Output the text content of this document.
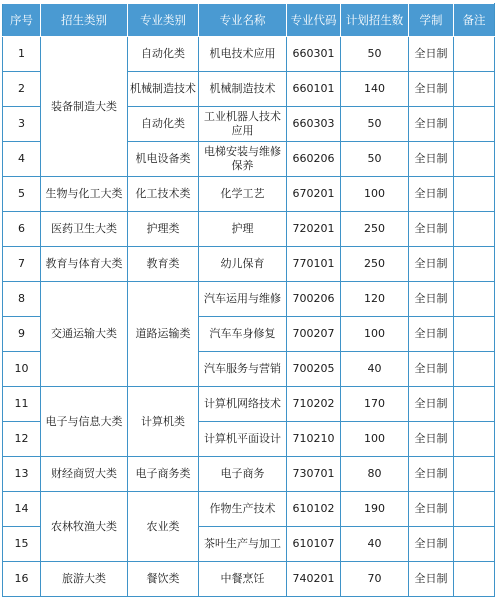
序号	招生类别	专业类别	专业名称	专业代码	计划招生数	学制	备注
1	装备制造大类	自动化类	机电技术应用	660301	50	全日制	
2		机械制造技术	机械制造技术	660101	140	全日制	
3		自动化类	工业机器人技术应用	660303	50	全日制	
4		机电设备类	电梯安装与维修保养	660206	50	全日制	
5	生物与化工大类	化工技术类	化学工艺	670201	100	全日制	
6	医药卫生大类	护理类	护理	720201	250	全日制	
7	教育与体育大类	教育类	幼儿保育	770101	250	全日制	
8	交通运输大类	道路运输类	汽车运用与维修	700206	120	全日制	
9			汽车车身修复	700207	100	全日制	
10			汽车服务与营销	700205	40	全日制	
11	电子与信息大类	计算机类	计算机网络技术	710202	170	全日制	
12			计算机平面设计	710210	100	全日制	
13	财经商贸大类	电子商务类	电子商务	730701	80	全日制	
14	农林牧渔大类	农业类	作物生产技术	610102	190	全日制	
15			茶叶生产与加工	610107	40	全日制	
16	旅游大类	餐饮类	中餐烹饪	740201	70	全日制	
